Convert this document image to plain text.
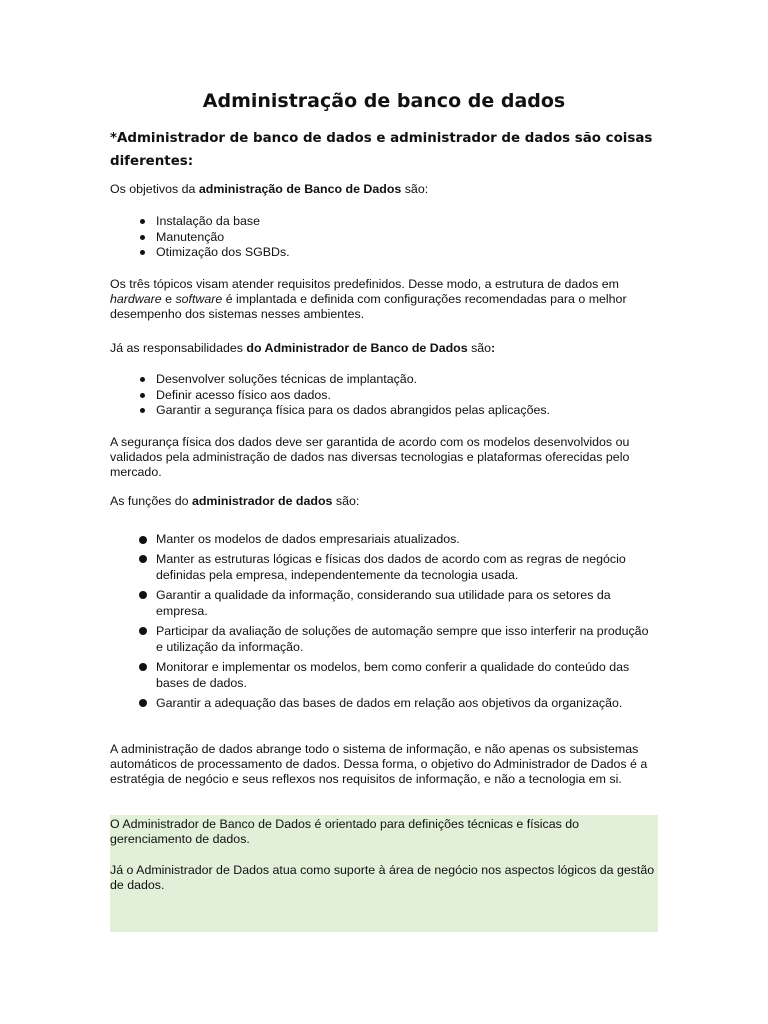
Administração de banco de dados
*Administrador de banco de dados e administrador de dados são coisas diferentes:

Os objetivos da administração de Banco de Dados são:

Instalação da base
Manutenção
Otimização dos SGBDs.

Os três tópicos visam atender requisitos predefinidos. Desse modo, a estrutura de dados em hardware e software é implantada e definida com configurações recomendadas para o melhor desempenho dos sistemas nesses ambientes.

Já as responsabilidades do Administrador de Banco de Dados são:

Desenvolver soluções técnicas de implantação.
Definir acesso físico aos dados.
Garantir a segurança física para os dados abrangidos pelas aplicações.

A segurança física dos dados deve ser garantida de acordo com os modelos desenvolvidos ou validados pela administração de dados nas diversas tecnologias e plataformas oferecidas pelo mercado.

As funções do administrador de dados são:

Manter os modelos de dados empresariais atualizados.
Manter as estruturas lógicas e físicas dos dados de acordo com as regras de negócio definidas pela empresa, independentemente da tecnologia usada.
Garantir a qualidade da informação, considerando sua utilidade para os setores da empresa.
Participar da avaliação de soluções de automação sempre que isso interferir na produção e utilização da informação.
Monitorar e implementar os modelos, bem como conferir a qualidade do conteúdo das bases de dados.
Garantir a adequação das bases de dados em relação aos objetivos da organização.

A administração de dados abrange todo o sistema de informação, e não apenas os subsistemas automáticos de processamento de dados. Dessa forma, o objetivo do Administrador de Dados é a estratégia de negócio e seus reflexos nos requisitos de informação, e não a tecnologia em si.

O Administrador de Banco de Dados é orientado para definições técnicas e físicas do gerenciamento de dados.

Já o Administrador de Dados atua como suporte à área de negócio nos aspectos lógicos da gestão de dados.
